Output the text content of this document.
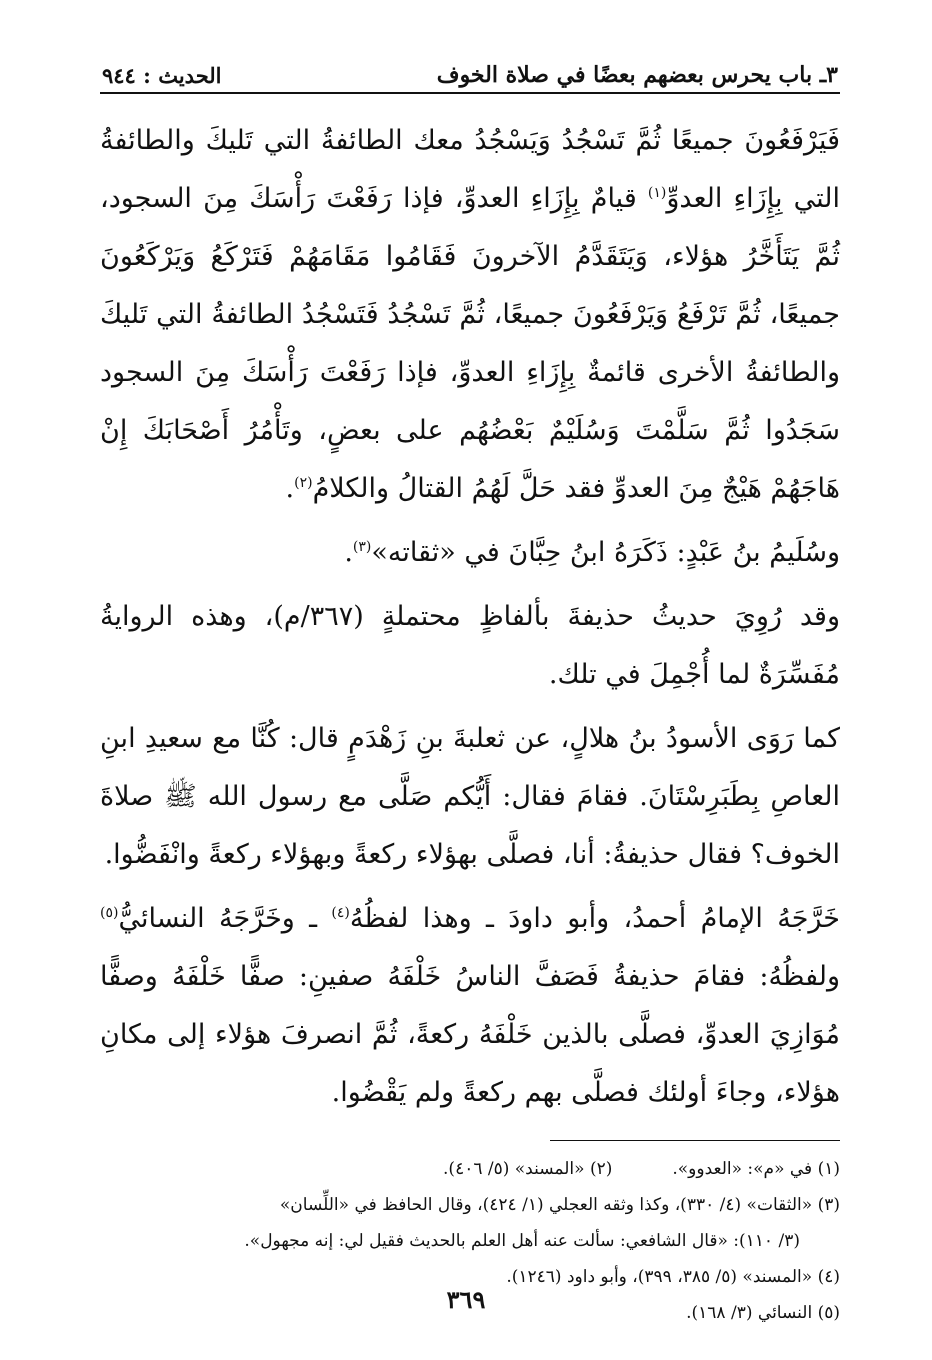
٣ـ باب يحرس بعضهم بعضًا في صلاة الخوف
الحديث : ٩٤٤

فَيَرْفَعُونَ جميعًا ثُمَّ تَسْجُدُ وَيَسْجُدُ معك الطائفةُ التي تَليكَ والطائفةُ التي بِإِزَاءِ العدوِّ$^{(١)}$ قيامٌ بِإِزَاءِ العدوِّ، فإذا رَفَعْتَ رَأْسَكَ مِنَ السجود، ثُمَّ يَتَأَخَّرُ هؤلاء، وَيَتَقَدَّمُ الآخرونَ فَقَامُوا مَقَامَهُمْ فَتَرْكَعُ وَيَرْكَعُونَ جميعًا، ثُمَّ تَرْفَعُ وَيَرْفَعُونَ جميعًا، ثُمَّ تَسْجُدُ فَتَسْجُدُ الطائفةُ التي تَليكَ والطائفةُ الأخرى قائمةٌ بِإِزَاءِ العدوِّ، فإذا رَفَعْتَ رَأْسَكَ مِنَ السجود سَجَدُوا ثُمَّ سَلَّمْتَ وَسُلَيْمٌ بَعْضُهُم على بعضٍ، وتَأْمُرُ أَصْحَابَكَ إِنْ هَاجَهُمْ هَيْجٌ مِنَ العدوِّ فقد حَلَّ لَهُمُ القتالُ والكلامُ$^{(٢)}$.

وسُلَيمُ بنُ عَبْدٍ: ذَكَرَهُ ابنُ حِبَّانَ في «ثقاته»$^{(٣)}$.

وقد رُوِيَ حديثُ حذيفةَ بألفاظٍ محتملةٍ (٣٦٧/م)، وهذه الروايةُ مُفَسِّرَةٌ لما أُجْمِلَ في تلك.

كما رَوَى الأسودُ بنُ هلالٍ، عن ثعلبةَ بنِ زَهْدَمٍ قال: كُنَّا مع سعيدِ ابنِ العاصِ بِطَبَرِسْتَانَ. فقامَ فقال: أَيُّكم صَلَّى مع رسول الله ﷺ صلاةَ الخوف؟ فقال حذيفةُ: أنا، فصلَّى بهؤلاء ركعةً وبهؤلاء ركعةً وانْفَضُّوا.

خَرَّجَهُ الإمامُ أحمدُ، وأبو داودَ ـ وهذا لفظُهُ$^{(٤)}$ ـ وخَرَّجَهُ النسائيُّ$^{(٥)}$ ولفظُهُ: فقامَ حذيفةُ فَصَفَّ الناسُ خَلْفَهُ صفينِ: صفًّا خَلْفَهُ وصفًّا مُوَازِيَ العدوِّ، فصلَّى بالذين خَلْفَهُ ركعةً، ثُمَّ انصرفَ هؤلاء إلى مكانِ هؤلاء، وجاءَ أولئك فصلَّى بهم ركعةً ولم يَقْضُوا.

(١) في «م»: «العدوو».(٢) «المسند» (٥/ ٤٠٦).

(٣) «الثقات» (٤/ ٣٣٠)، وكذا وثقه العجلي (١/ ٤٢٤)، وقال الحافظ في «اللِّسان»

(٣/ ١١٠): «قال الشافعي: سألت عنه أهل العلم بالحديث فقيل لي: إنه مجهول».

(٤) «المسند» (٥/ ٣٨٥، ٣٩٩)، وأبو داود (١٢٤٦).

(٥) النسائي (٣/ ١٦٨).

٣٦٩
